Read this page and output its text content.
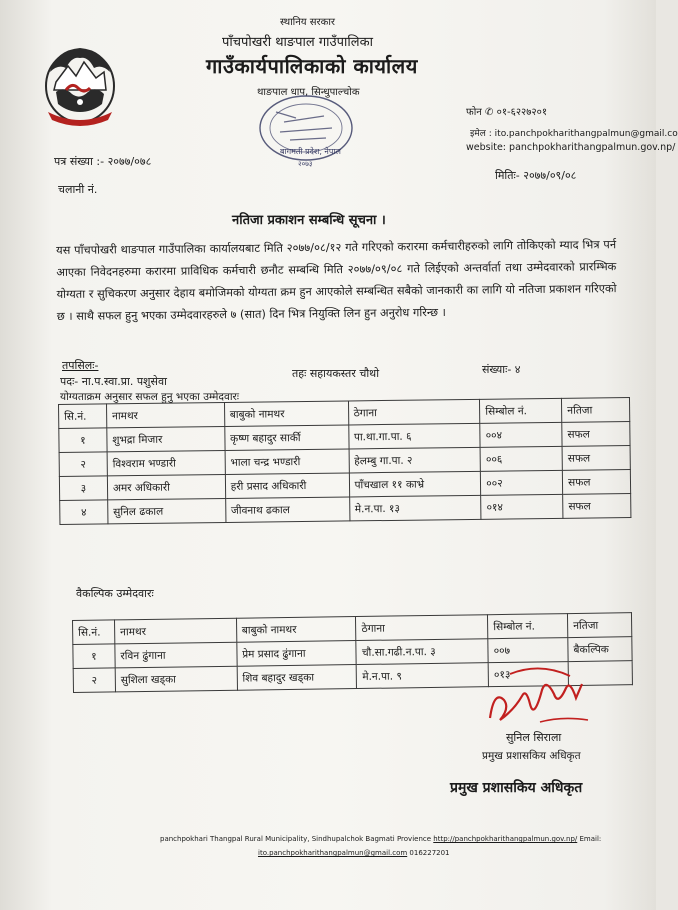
स्थानिय सरकार
पाँचपोखरी थाङपाल गाउँपालिका
गाउँकार्यपालिकाको कार्यालय
थाङपाल धाप, सिन्धुपाल्चोक
बागमती प्रदेश, नेपाल
२०७३
फोन ✆ ०१-६२२७२०१
इमेल : ito.panchpokharithangpalmun@gmail.co
website: panchpokharithangpalmun.gov.np/
पत्र संख्या :- २०७७/०७८
मितिः- २०७७/०९/०८
चलानी नं.
नतिजा प्रकाशन सम्बन्धि सूचना ।
यस पाँचपोखरी थाङपाल गाउँपालिका कार्यालयबाट मिति २०७७/०८/१२ गते गरिएको करारमा कर्मचारीहरुको लागि तोकिएको म्याद भित्र पर्न आएका निवेदनहरुमा करारमा प्राविधिक कर्मचारी छनौट सम्बन्धि मिति २०७७/०९/०८ गते लिईएको अन्तर्वार्ता तथा उम्मेदवारको प्रारम्भिक योग्यता र सुचिकरण अनुसार देहाय बमोजिमको योग्यता क्रम हुन आएकोले सम्बन्धित सबैको जानकारी का लागि यो नतिजा प्रकाशन गरिएको छ । साथै सफल हुनु भएका उम्मेदवारहरुले ७ (सात) दिन भित्र नियुक्ति लिन हुन अनुरोध गरिन्छ ।
तपसिलः-	संख्याः- ४
तहः सहायकस्तर चौथो
पदः- ना.प.स्वा.प्रा. पशुसेवा
योग्यताक्रम अनुसार सफल हुनु भएका उम्मेदवारः
सि.नं.	नामथर	बाबुको नामथर	ठेगाना	सिम्बोल नं.	नतिजा
१	शुभद्रा मिजार	कृष्ण बहादुर सार्की	पा.था.गा.पा. ६	००४	सफल
२	विश्वराम भण्डारी	भाला चन्द्र भण्डारी	हेलम्बु गा.पा. २	००६	सफल
३	अमर अधिकारी	हरी प्रसाद अधिकारी	पाँचखाल ११ काभ्रे	००२	सफल
४	सुनिल ढकाल	जीवनाथ ढकाल	मे.न.पा. १३	०१४	सफल
वैकल्पिक उम्मेदवारः
सि.नं.	नामथर	बाबुको नामथर	ठेगाना	सिम्बोल नं.	नतिजा
१	रविन ढुंगाना	प्रेम प्रसाद ढुंगाना	चौ.सा.गढी.न.पा. ३	००७	बैकल्पिक
२	सुशिला खड्का	शिव बहादुर खड्का	मे.न.पा. ९	०१३	
सुनिल सिराला
प्रमुख प्रशासकिय अधिकृत
प्रमुख प्रशासकिय अधिकृत
panchpokhari Thangpal Rural Municipality, Sindhupalchok Bagmati Provience http://panchpokharithangpalmun.gov.np/ Email:
ito.panchpokharithangpalmun@gmail.com 016227201
